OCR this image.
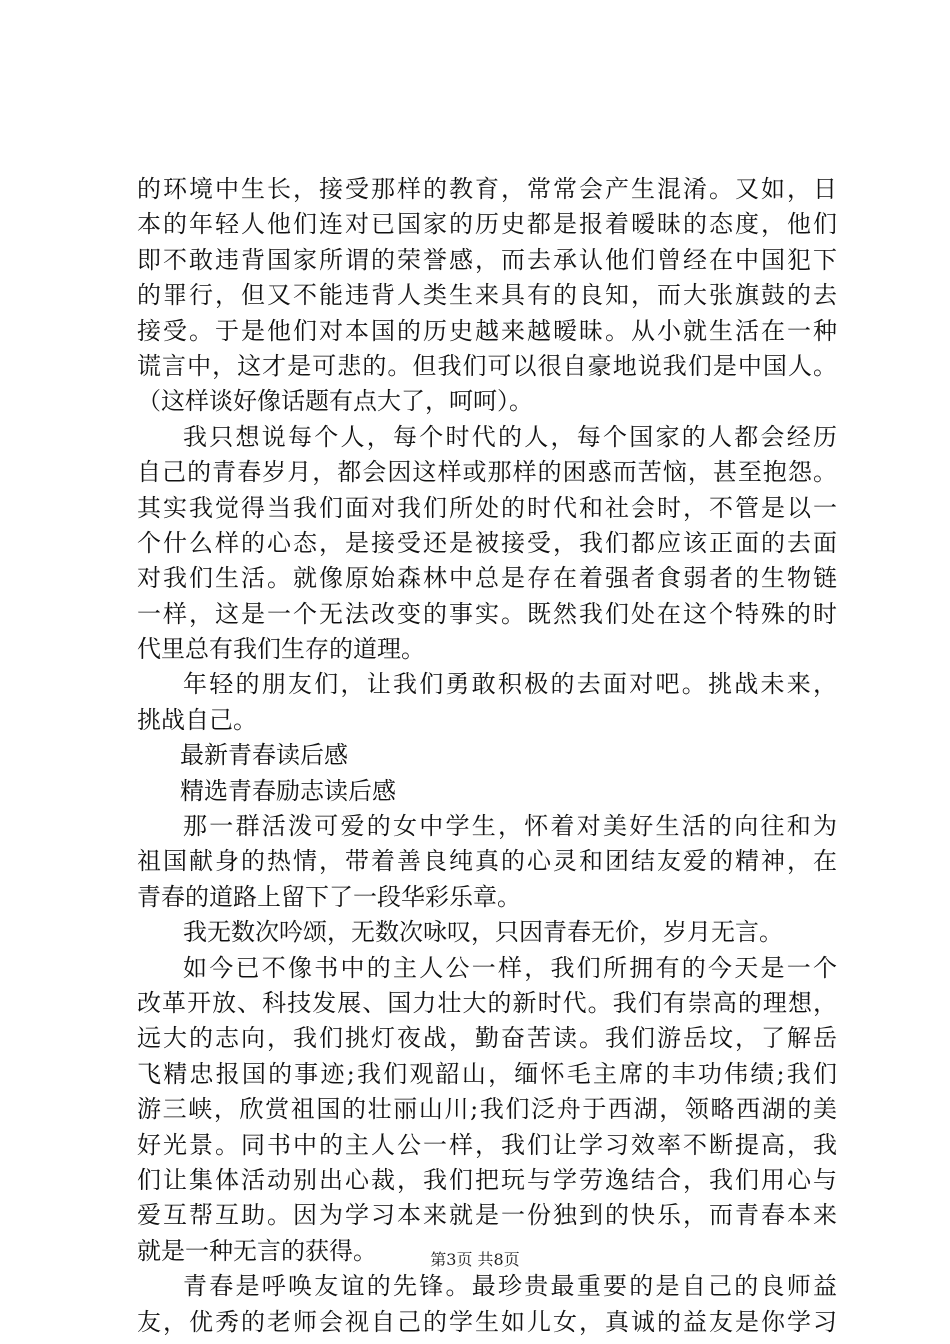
的环境中生长，接受那样的教育，常常会产生混淆。又如，日
本的年轻人他们连对已国家的历史都是报着暧昧的态度，他们
即不敢违背国家所谓的荣誉感，而去承认他们曾经在中国犯下
的罪行，但又不能违背人类生来具有的良知，而大张旗鼓的去
接受。于是他们对本国的历史越来越暧昧。从小就生活在一种
谎言中，这才是可悲的。但我们可以很自豪地说我们是中国人。
（这样谈好像话题有点大了，呵呵）。
我只想说每个人，每个时代的人，每个国家的人都会经历
自己的青春岁月，都会因这样或那样的困惑而苦恼，甚至抱怨。
其实我觉得当我们面对我们所处的时代和社会时，不管是以一
个什么样的心态，是接受还是被接受，我们都应该正面的去面
对我们生活。就像原始森林中总是存在着强者食弱者的生物链
一样，这是一个无法改变的事实。既然我们处在这个特殊的时
代里总有我们生存的道理。
年轻的朋友们，让我们勇敢积极的去面对吧。挑战未来，
挑战自己。
最新青春读后感
精选青春励志读后感
那一群活泼可爱的女中学生，怀着对美好生活的向往和为
祖国献身的热情，带着善良纯真的心灵和团结友爱的精神，在
青春的道路上留下了一段华彩乐章。
我无数次吟颂，无数次咏叹，只因青春无价，岁月无言。
如今已不像书中的主人公一样，我们所拥有的今天是一个
改革开放、科技发展、国力壮大的新时代。我们有崇高的理想，
远大的志向，我们挑灯夜战，勤奋苦读。我们游岳坟，了解岳
飞精忠报国的事迹;我们观韶山，缅怀毛主席的丰功伟绩;我们
游三峡，欣赏祖国的壮丽山川;我们泛舟于西湖，领略西湖的美
好光景。同书中的主人公一样，我们让学习效率不断提高，我
们让集体活动别出心裁，我们把玩与学劳逸结合，我们用心与
爱互帮互助。因为学习本来就是一份独到的快乐，而青春本来
就是一种无言的获得。
青春是呼唤友谊的先锋。最珍贵最重要的是自己的良师益
友，优秀的老师会视自己的学生如儿女，真诚的益友是你学习
第3页 共8页
